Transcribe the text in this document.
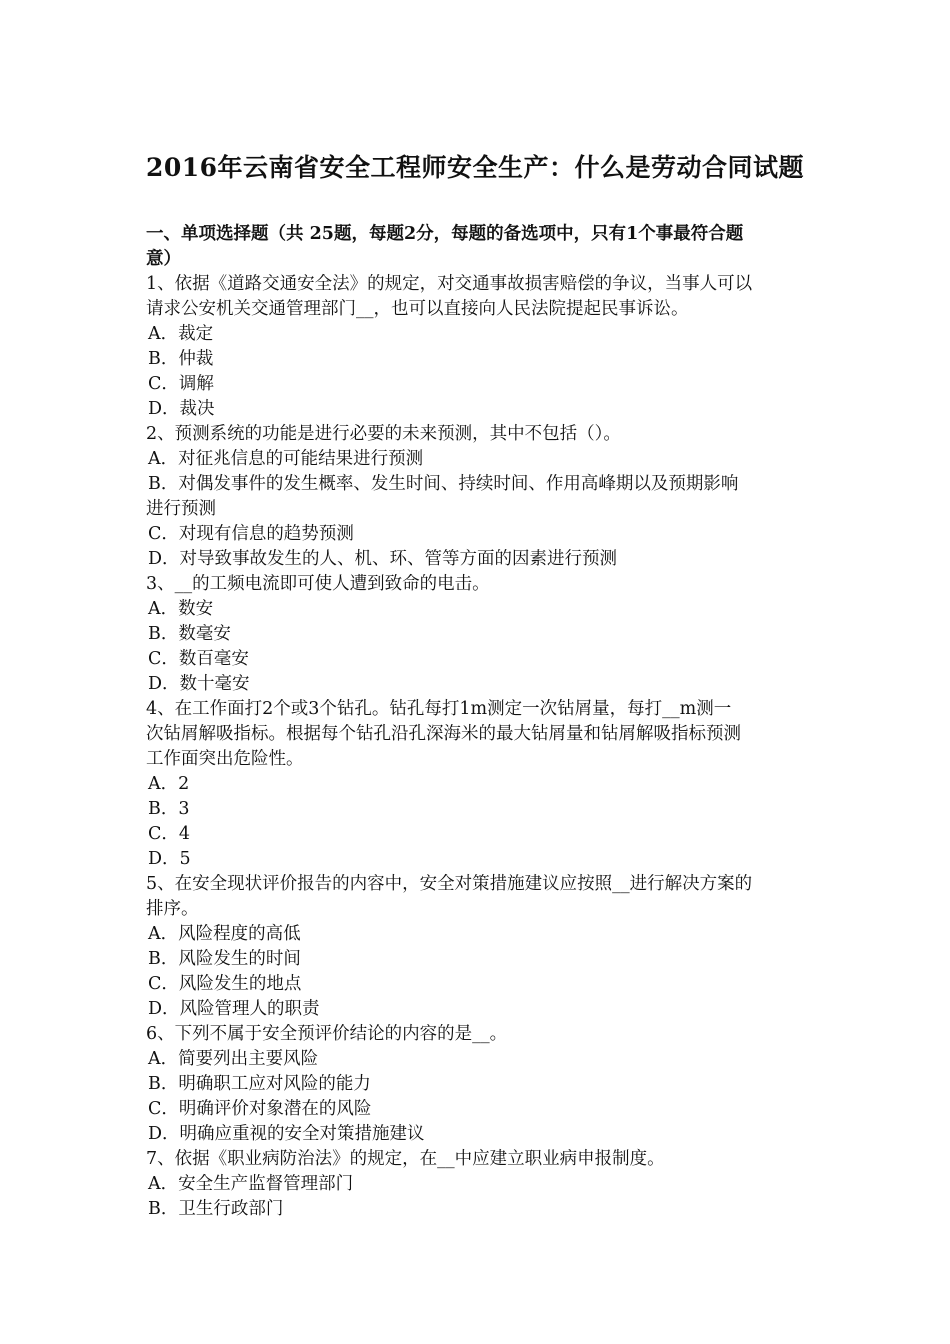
2016年云南省安全工程师安全生产：什么是劳动合同试题
一、单项选择题（共 25题，每题2分，每题的备选项中，只有1个事最符合题
意）
1、依据《道路交通安全法》的规定，对交通事故损害赔偿的争议，当事人可以
请求公安机关交通管理部门__，也可以直接向人民法院提起民事诉讼。
A．裁定
B．仲裁
C．调解
D．裁决
2、预测系统的功能是进行必要的未来预测，其中不包括（）。
A．对征兆信息的可能结果进行预测
B．对偶发事件的发生概率、发生时间、持续时间、作用高峰期以及预期影响
进行预测
C．对现有信息的趋势预测
D．对导致事故发生的人、机、环、管等方面的因素进行预测
3、__的工频电流即可使人遭到致命的电击。
A．数安
B．数毫安
C．数百毫安
D．数十毫安
4、在工作面打2个或3个钻孔。钻孔每打1m测定一次钻屑量，每打__m测一
次钻屑解吸指标。根据每个钻孔沿孔深海米的最大钻屑量和钻屑解吸指标预测
工作面突出危险性。
A．2
B．3
C．4
D．5
5、在安全现状评价报告的内容中，安全对策措施建议应按照__进行解决方案的
排序。
A．风险程度的高低
B．风险发生的时间
C．风险发生的地点
D．风险管理人的职责
6、下列不属于安全预评价结论的内容的是__。
A．简要列出主要风险
B．明确职工应对风险的能力
C．明确评价对象潜在的风险
D．明确应重视的安全对策措施建议
7、依据《职业病防治法》的规定，在__中应建立职业病申报制度。
A．安全生产监督管理部门
B．卫生行政部门
